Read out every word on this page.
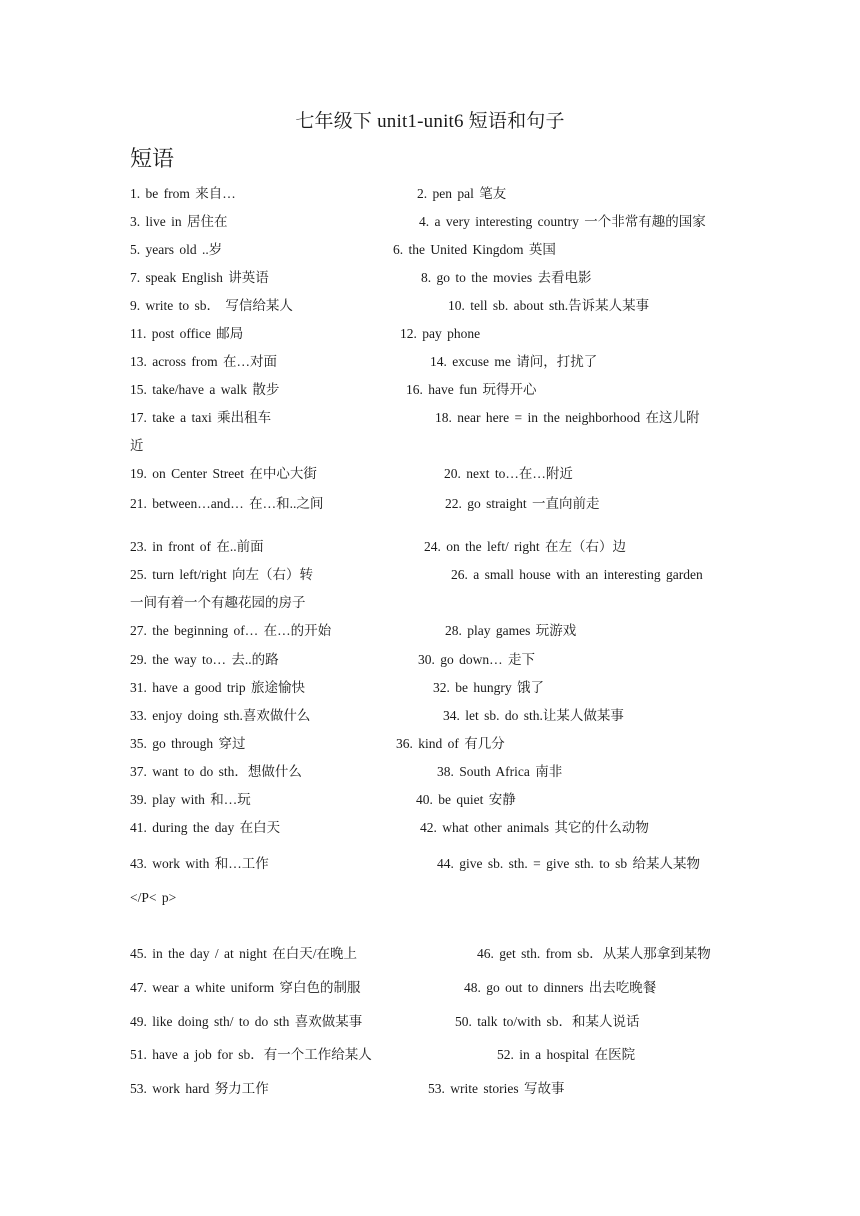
七年级下 unit1-unit6 短语和句子
短语
1. be from 来自…	2. pen pal 笔友
3. live in 居住在	4. a very interesting country 一个非常有趣的国家
5. years old ..岁	6. the United Kingdom 英国
7. speak English 讲英语	8. go to the movies 去看电影
9. write to sb． 写信给某人	10. tell sb. about sth.告诉某人某事
11. post office 邮局	12. pay phone
13. across from 在…对面	14. excuse me 请问，打扰了
15. take/have a walk 散步	16. have fun 玩得开心
17. take a taxi 乘出租车	18. near here = in the neighborhood 在这儿附
近
19. on Center Street 在中心大街	20. next to…在…附近
21. between…and… 在…和..之间	22. go straight 一直向前走
23. in front of 在..前面	24. on the left/ right 在左（右）边
25. turn left/right 向左（右）转	26. a small house with an interesting garden
一间有着一个有趣花园的房子
27. the beginning of… 在…的开始	28. play games 玩游戏
29. the way to… 去..的路	30. go down… 走下
31. have a good trip 旅途愉快	32. be hungry 饿了
33. enjoy doing sth.喜欢做什么	34. let sb. do sth.让某人做某事
35. go through 穿过	36. kind of 有几分
37. want to do sth．想做什么	38. South Africa 南非
39. play with 和…玩	40. be quiet 安静
41. during the day 在白天	42. what other animals 其它的什么动物
43. work with 和…工作	44. give sb. sth. = give sth. to sb 给某人某物
</P< p>
45. in the day / at night 在白天/在晚上	46. get sth. from sb．从某人那拿到某物
47. wear a white uniform 穿白色的制服	48. go out to dinners 出去吃晚餐
49. like doing sth/ to do sth 喜欢做某事	50. talk to/with sb．和某人说话
51. have a job for sb．有一个工作给某人	52. in a hospital 在医院
53. work hard 努力工作	53. write stories 写故事
